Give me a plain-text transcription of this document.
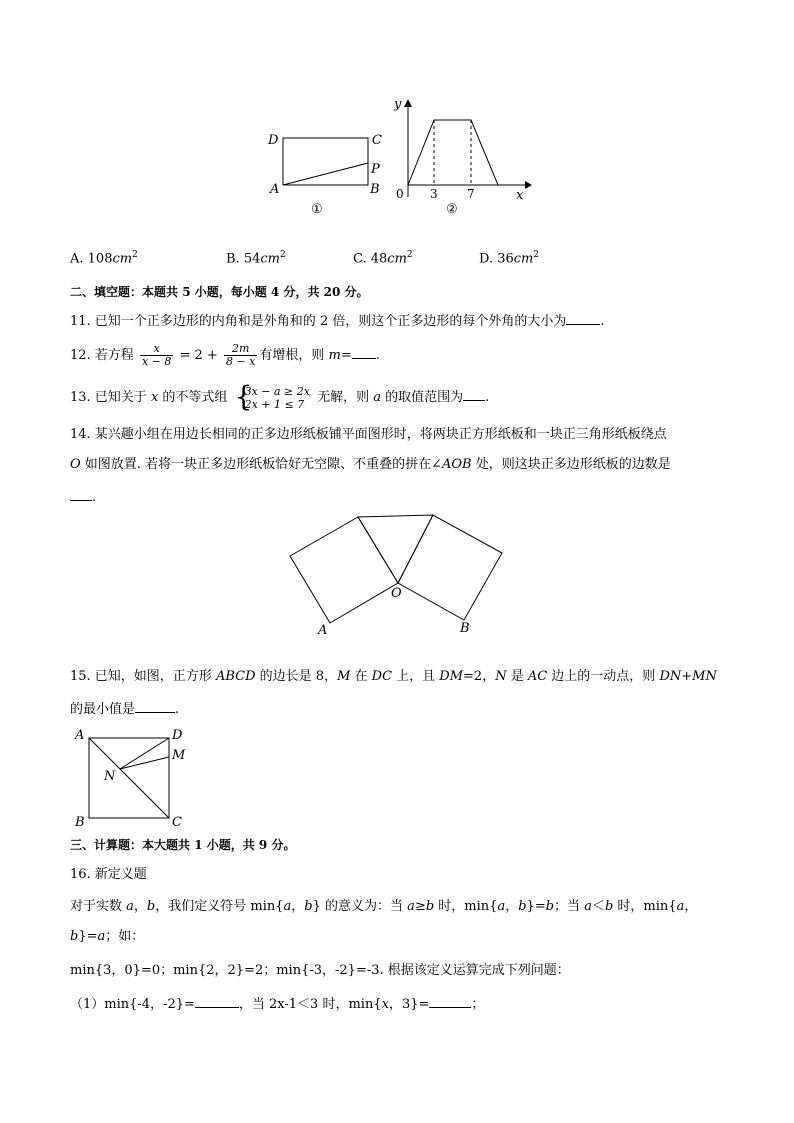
D	C
P
A	B
①
y
x
0 3 7
②
A. $108cm^2$	B. $54cm^2$	C. $48cm^2$	D. $36cm^2$
二、填空题：本题共 5 小题，每小题 4 分，共 20 分。
11. 已知一个正多边形的内角和是外角和的 2 倍，则这个正多边形的每个外角的大小为	.
12. 若方程 $\frac{x}{x - 8} = 2 + \frac{2m}{8 - x}$ 有增根，则 m= .
13. 已知关于 x 的不等式组 {
3x − a ≥ 2x
2x + 1 ≤ 7 无解，则 a 的取值范围为 .
14. 某兴趣小组在用边长相同的正多边形纸板铺平面图形时，将两块正方形纸板和一块正三角形纸板绕点
O 如图放置. 若将一块正多边形纸板恰好无空隙、不重叠的拼在∠AOB 处，则这块正多边形纸板的边数是
.
O
A	B
15. 已知，如图，正方形 ABCD 的边长是 8，M 在 DC 上，且 DM=2，N 是 AC 边上的一动点，则 DN+MN
的最小值是	.
A	D
M
N
B	C
三、计算题：本大题共 1 小题，共 9 分。
16. 新定义题
对于实数 a，b，我们定义符号 min{a，b} 的意义为：当 a≥b 时，min{a，b}=b；当 a＜b 时，min{a，
b}=a；如：
min{3，0}=0；min{2，2}=2；min{-3，-2}=-3. 根据该定义运算完成下列问题：
（1）min{-4，-2}=	，当 2x-1＜3 时，min{x，3}=	；
